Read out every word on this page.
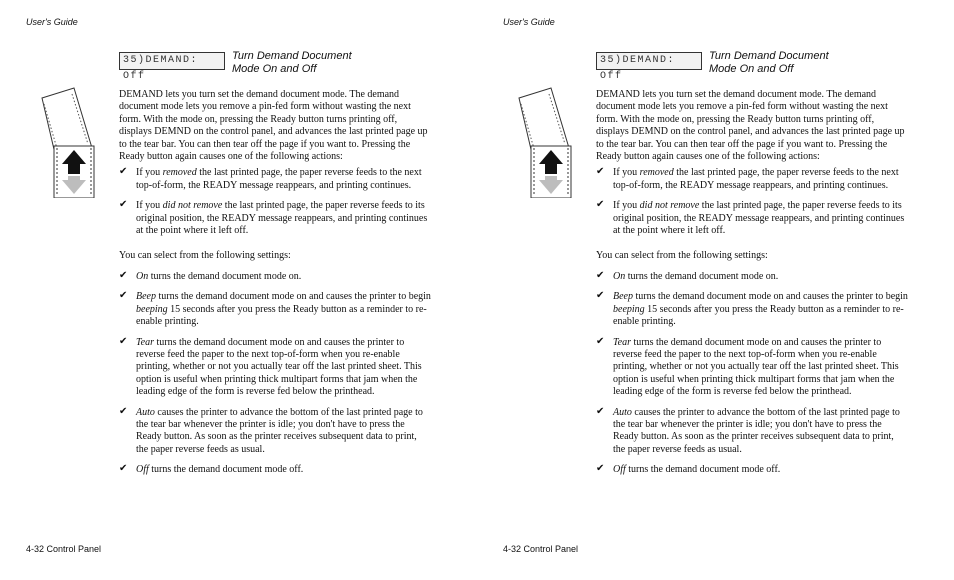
User's Guide
35)DEMAND: Off
Turn Demand Document
Mode On and Off

DEMAND lets you turn set the demand document mode. The demand document mode lets you remove a pin-fed form without wasting the next form. With the mode on, pressing the Ready button turns printing off, displays DEMND on the control panel, and advances the last printed page up to the tear bar. You can then tear off the page if you want to. Pressing the Ready button again causes one of the following actions:

✔ If you removed the last printed page, the paper reverse feeds to the next top-of-form, the READY message reappears, and printing continues.
✔ If you did not remove the last printed page, the paper reverse feeds to its original position, the READY message reappears, and printing continues at the point where it left off.

You can select from the following settings:

✔ On turns the demand document mode on.
✔ Beep turns the demand document mode on and causes the printer to begin beeping 15 seconds after you press the Ready button as a reminder to re-enable printing.
✔ Tear turns the demand document mode on and causes the printer to reverse feed the paper to the next top-of-form when you re-enable printing, whether or not you actually tear off the last printed sheet. This option is useful when printing thick multipart forms that jam when the leading edge of the form is reverse fed below the printhead.
✔ Auto causes the printer to advance the bottom of the last printed page to the tear bar whenever the printer is idle; you don't have to press the Ready button. As soon as the printer receives subsequent data to print, the paper reverse feeds as usual.
✔ Off turns the demand document mode off.
4-32 Control Panel
User's Guide
35)DEMAND: Off
Turn Demand Document
Mode On and Off

DEMAND lets you turn set the demand document mode. The demand document mode lets you remove a pin-fed form without wasting the next form. With the mode on, pressing the Ready button turns printing off, displays DEMND on the control panel, and advances the last printed page up to the tear bar. You can then tear off the page if you want to. Pressing the Ready button again causes one of the following actions:

✔ If you removed the last printed page, the paper reverse feeds to the next top-of-form, the READY message reappears, and printing continues.
✔ If you did not remove the last printed page, the paper reverse feeds to its original position, the READY message reappears, and printing continues at the point where it left off.

You can select from the following settings:

✔ On turns the demand document mode on.
✔ Beep turns the demand document mode on and causes the printer to begin beeping 15 seconds after you press the Ready button as a reminder to re-enable printing.
✔ Tear turns the demand document mode on and causes the printer to reverse feed the paper to the next top-of-form when you re-enable printing, whether or not you actually tear off the last printed sheet. This option is useful when printing thick multipart forms that jam when the leading edge of the form is reverse fed below the printhead.
✔ Auto causes the printer to advance the bottom of the last printed page to the tear bar whenever the printer is idle; you don't have to press the Ready button. As soon as the printer receives subsequent data to print, the paper reverse feeds as usual.
✔ Off turns the demand document mode off.
4-32 Control Panel
